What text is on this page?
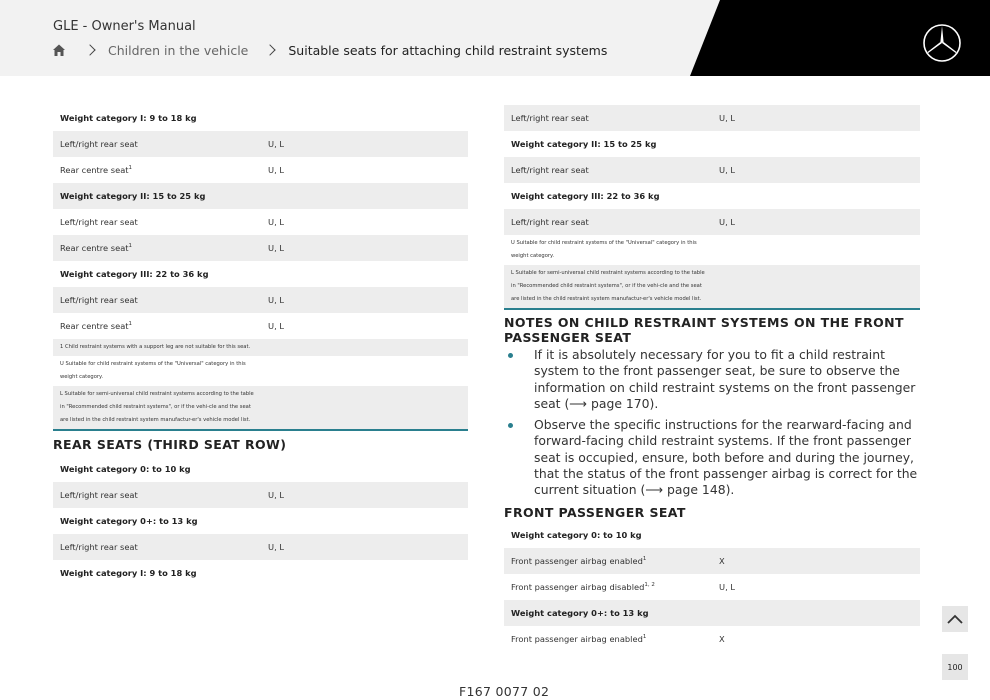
GLE - Owner's Manual
Children in the vehicle	Suitable seats for attaching child restraint systems
Weight category I: 9 to 18 kg
Left/right rear seat	U, L
Rear centre seat$^1$	U, L
Weight category II: 15 to 25 kg
Left/right rear seat	U, L
Rear centre seat$^1$	U, L
Weight category III: 22 to 36 kg
Left/right rear seat	U, L
Rear centre seat$^1$	U, L
1 Child restraint systems with a support leg are not suitable for this seat.
U Suitable for child restraint systems of the "Universal" category in this weight category.
L Suitable for semi-universal child restraint systems according to the table in "Recommended child restraint systems", or if the vehi-cle and the seat are listed in the child restraint system manufactur-er's vehicle model list.
REAR SEATS (THIRD SEAT ROW)
Weight category 0: to 10 kg
Left/right rear seat	U, L
Weight category 0+: to 13 kg
Left/right rear seat	U, L
Weight category I: 9 to 18 kg
Left/right rear seat	U, L
Weight category II: 15 to 25 kg
Left/right rear seat	U, L
Weight category III: 22 to 36 kg
Left/right rear seat	U, L
U Suitable for child restraint systems of the "Universal" category in this weight category.
L Suitable for semi-universal child restraint systems according to the table in "Recommended child restraint systems", or if the vehi-cle and the seat are listed in the child restraint system manufactur-er's vehicle model list.
NOTES ON CHILD RESTRAINT SYSTEMS ON THE FRONT PASSENGER SEAT
If it is absolutely necessary for you to fit a child restraint system to the front passenger seat, be sure to observe the information on child restraint systems on the front passenger seat (⟶ page 170).
Observe the specific instructions for the rearward-facing and forward-facing child restraint systems. If the front passenger seat is occupied, ensure, both before and during the journey, that the status of the front passenger airbag is correct for the current situation (⟶ page 148).
FRONT PASSENGER SEAT
Weight category 0: to 10 kg
Front passenger airbag enabled$^1$	X
Front passenger airbag disabled$^{1, 2}$	U, L
Weight category 0+: to 13 kg
Front passenger airbag enabled$^1$	X
100
F167 0077 02
